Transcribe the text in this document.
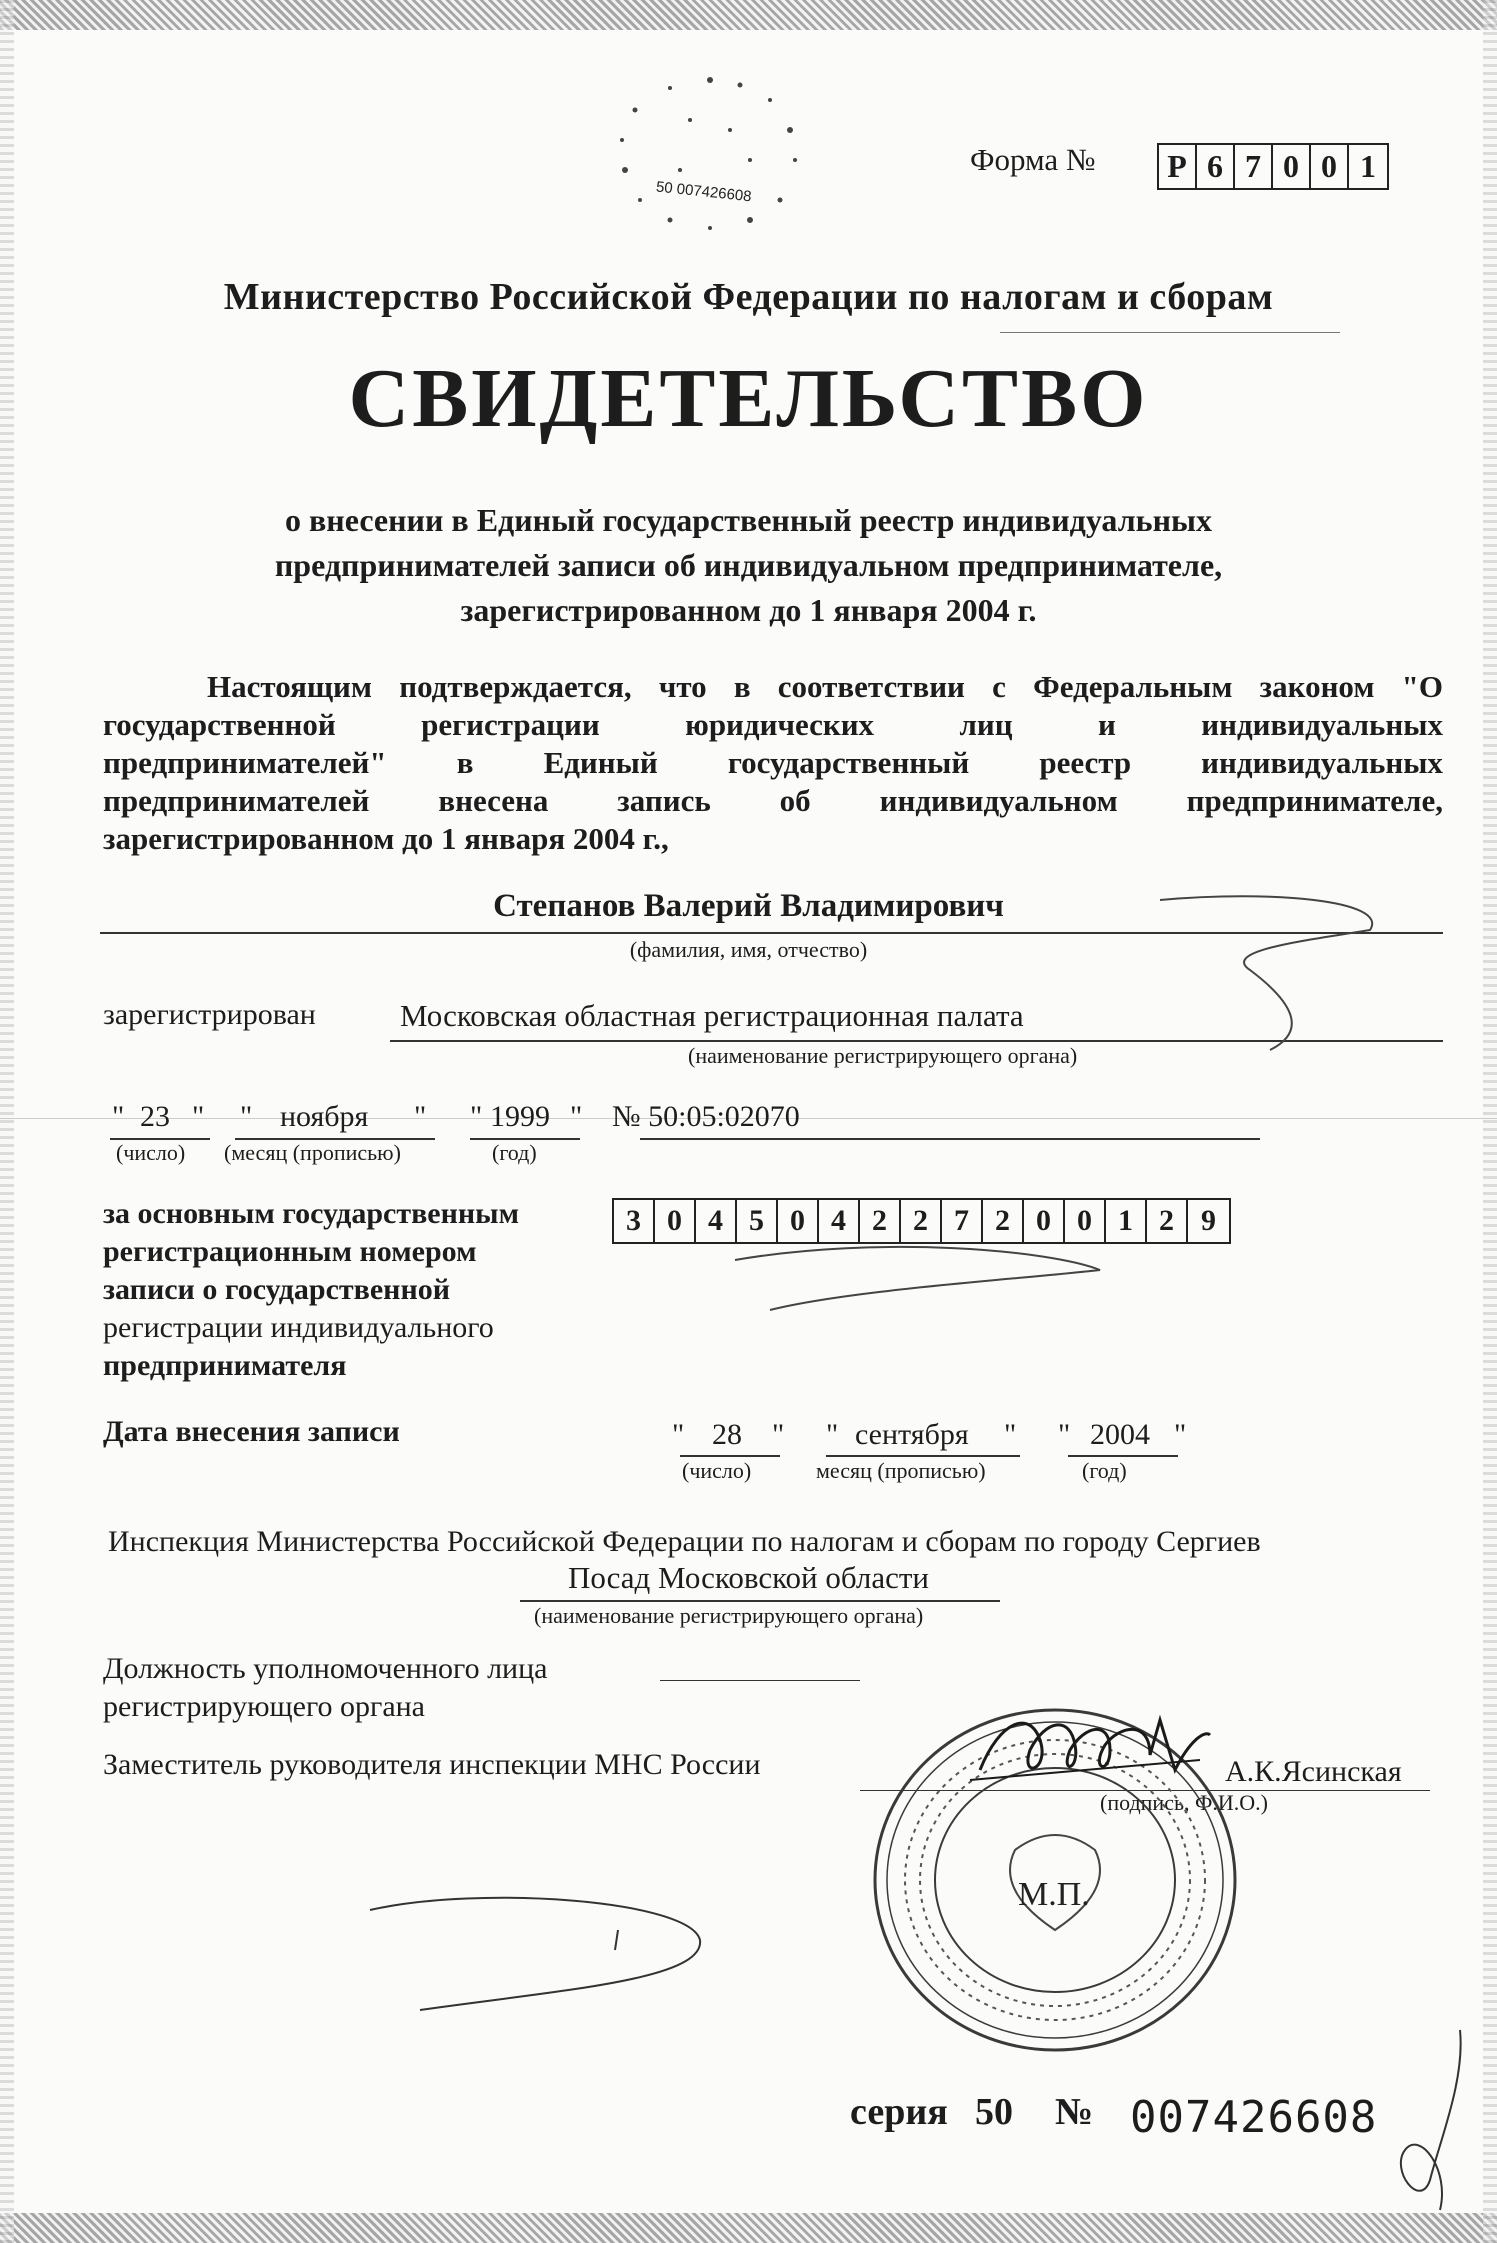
50 007426608
Форма № Р 6 7 0 0 1
Министерство Российской Федерации по налогам и сборам
СВИДЕТЕЛЬСТВО
о внесении в Единый государственный реестр индивидуальных
предпринимателей записи об индивидуальном предпринимателе,
зарегистрированном до 1 января 2004 г.
Настоящим подтверждается, что в соответствии с Федеральным законом "О
государственной	регистрации	юридических	лиц	и	индивидуальных
предпринимателей" в Единый государственный реестр индивидуальных
предпринимателей внесена запись об индивидуальном предпринимателе,
зарегистрированном до 1 января 2004 г.,
Степанов Валерий Владимирович
(фамилия, имя, отчество)
зарегистрирован	Московская областная регистрационная палата
(наименование регистрирующего органа)
" 23 " " ноября " " 1999 " № 50:05:02070
(число) (месяц (прописью)	(год)
за основным государственным
регистрационным номером
записи о государственной
регистрации индивидуального
предпринимателя
3 0 4 5 0 4 2 2 7 2 0 0 1 2 9
Дата внесения записи	" 28 " " сентября " " 2004 "
(число)	месяц (прописью)	(год)
Инспекция Министерства Российской Федерации по налогам и сборам по городу Сергиев
Посад Московской области
(наименование регистрирующего органа)
Должность уполномоченного лица
регистрирующего органа
Заместитель руководителя инспекции МНС России	А.К.Ясинская
(подпись, Ф.И.О.)
М.П.
серия 50 № 007426608
